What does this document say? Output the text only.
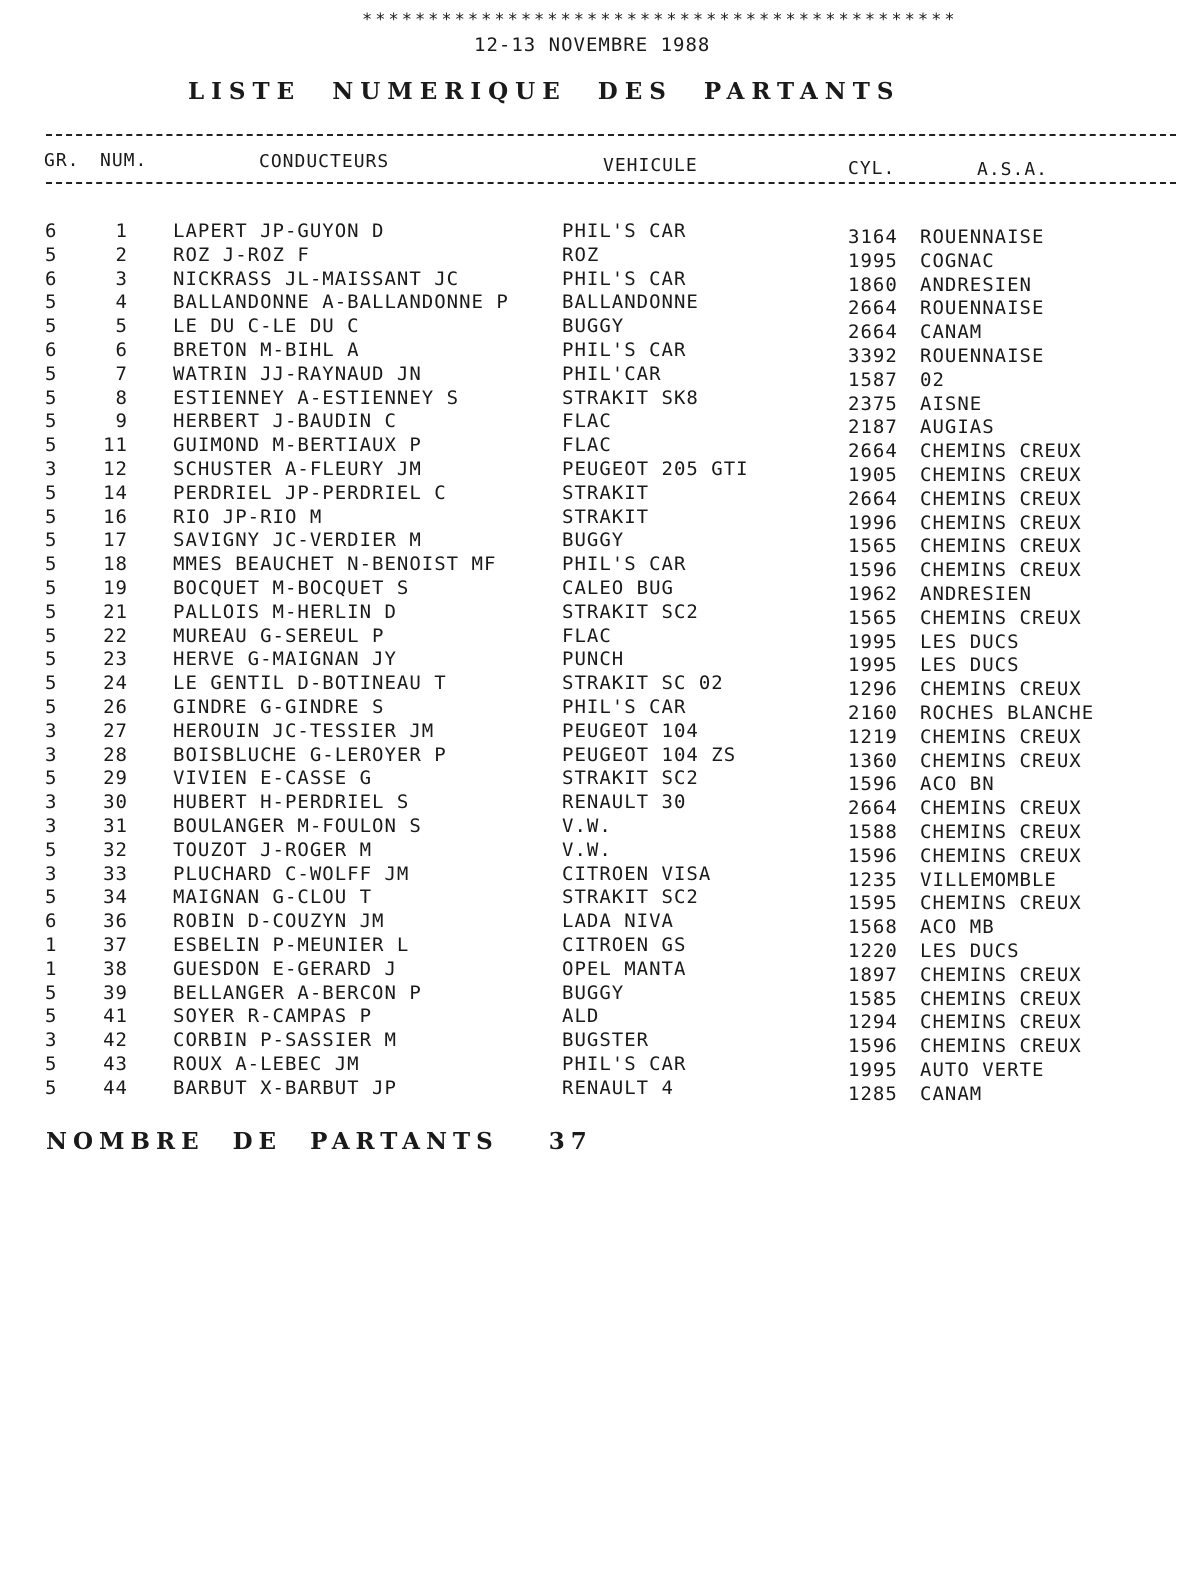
*********************************************
12-13 NOVEMBRE 1988
LISTE NUMERIQUE DES PARTANTS
GR. NUM.	CONDUCTEURS	VEHICULE	CYL.	A.S.A.
6	1 LAPERT JP-GUYON D	PHIL'S CAR	3164 ROUENNAISE
5	2 ROZ J-ROZ F	ROZ	1995 COGNAC
6	3 NICKRASS JL-MAISSANT JC	PHIL'S CAR	1860 ANDRESIEN
5	4 BALLANDONNE A-BALLANDONNE P	BALLANDONNE	2664 ROUENNAISE
5	5 LE DU C-LE DU C	BUGGY	2664 CANAM
6	6 BRETON M-BIHL A	PHIL'S CAR	3392 ROUENNAISE
5	7 WATRIN JJ-RAYNAUD JN	PHIL'CAR	1587 02
5	8 ESTIENNEY A-ESTIENNEY S	STRAKIT SK8	2375 AISNE
5	9 HERBERT J-BAUDIN C	FLAC	2187 AUGIAS
5 11 GUIMOND M-BERTIAUX P	FLAC	2664 CHEMINS CREUX
3 12 SCHUSTER A-FLEURY JM	PEUGEOT 205 GTI	1905 CHEMINS CREUX
5 14 PERDRIEL JP-PERDRIEL C	STRAKIT	2664 CHEMINS CREUX
5 16 RIO JP-RIO M	STRAKIT	1996 CHEMINS CREUX
5 17 SAVIGNY JC-VERDIER M	BUGGY	1565 CHEMINS CREUX
5 18 MMES BEAUCHET N-BENOIST MF	PHIL'S CAR	1596 CHEMINS CREUX
5 19 BOCQUET M-BOCQUET S	CALEO BUG	1962 ANDRESIEN
5 21 PALLOIS M-HERLIN D	STRAKIT SC2	1565 CHEMINS CREUX
5 22 MUREAU G-SEREUL P	FLAC	1995 LES DUCS
5 23 HERVE G-MAIGNAN JY	PUNCH	1995 LES DUCS
5 24 LE GENTIL D-BOTINEAU T	STRAKIT SC 02	1296 CHEMINS CREUX
5 26 GINDRE G-GINDRE S	PHIL'S CAR	2160 ROCHES BLANCHE
3 27 HEROUIN JC-TESSIER JM	PEUGEOT 104	1219 CHEMINS CREUX
3 28 BOISBLUCHE G-LEROYER P	PEUGEOT 104 ZS	1360 CHEMINS CREUX
5 29 VIVIEN E-CASSE G	STRAKIT SC2	1596 ACO BN
3 30 HUBERT H-PERDRIEL S	RENAULT 30	2664 CHEMINS CREUX
3 31 BOULANGER M-FOULON S	V.W.	1588 CHEMINS CREUX
5 32 TOUZOT J-ROGER M	V.W.	1596 CHEMINS CREUX
3 33 PLUCHARD C-WOLFF JM	CITROEN VISA	1235 VILLEMOMBLE
5 34 MAIGNAN G-CLOU T	STRAKIT SC2	1595 CHEMINS CREUX
6 36 ROBIN D-COUZYN JM	LADA NIVA	1568 ACO MB
1 37 ESBELIN P-MEUNIER L	CITROEN GS	1220 LES DUCS
1 38 GUESDON E-GERARD J	OPEL MANTA	1897 CHEMINS CREUX
5 39 BELLANGER A-BERCON P	BUGGY	1585 CHEMINS CREUX
5 41 SOYER R-CAMPAS P	ALD	1294 CHEMINS CREUX
3 42 CORBIN P-SASSIER M	BUGSTER	1596 CHEMINS CREUX
5 43 ROUX A-LEBEC JM	PHIL'S CAR	1995 AUTO VERTE
5 44 BARBUT X-BARBUT JP	RENAULT 4	1285 CANAM
NOMBRE DE PARTANTS 37
